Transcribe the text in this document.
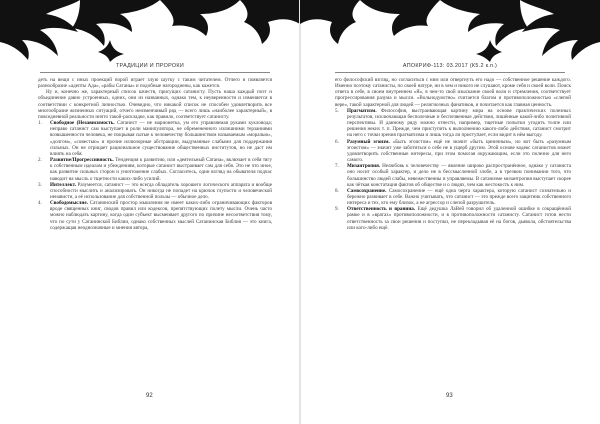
ТРАДИЦИИ И ПРОРОКИ

деть на вещи с иных проекций порой играет злую шутку с таким читателем. Отчего и появляется разнообразие «адепты Ада», «рабы Сатаны» и подобные нагородиены, как кажется.

Ну и, конечно же, характерный список качеств, присущих сатанисту. Пусть наша каждый поэт и объединение давно устроенных, одних, они из названных, однако тем, к неуверенности и изменяется в соответствии с конкретной личностью. Очевидно, что никакой список не способен удовлетворить все многообразие жизненных ситуаций, отчего неизменчивый ряд — всего лишь «наиболее характерный», в повседневной реальности ничто такой-раскладке, как правило, соответствует сатанисту.

1. Свободное (Независимость. Сатанист — не марионетка, ум его управляемая руками кукловода; неправо сатанист сам выступает в роли манипулятора, не обремененного излишними терзаниями возвышенности человека, не покрывая сытые к человечеству большинством называемым «моралью», «долгом», «совестью» и прочие иллюзорные абстракции, выдуманные слабыми для поддержания сильных. Он не отрицает рациональное существование общественных институтов, но не даст им влиять на себя.

2. Развитие/Прогрессивность. Тенденция к развитию, или «деятельный Сатана», включает в себя тягу к собственным идеалам и убеждениям, которые сатанист выстраивает сам для себя. Это не что иное, как развитие сильных сторон и уничтожение слабых. Согласитесь, один взгляд на обывателя подчас наводит на мысль о тщетности каких-либо усилий.

3. Интеллект. Разумеется, сатанист — это всегда обладатель хорошего логического аппарата и вообще способности мыслить и анализировать. Он никогда не попадет на крючок глупости и человеческой ненависти, а её использование для собственной пользы — обычное дело.

4. Свободомыслие. Сатанинский простор мышления не имеет каких-либо ограничивающих факторов вроде священных книг, сводов правил или кодексов, препятствующих полету мысли. Очень часто можно наблюдать картину, когда один субъект высмеивает другого по причине несоответствия тому, что по сути у Сатанинской Библии, однако собственных мыслей Сатанинская Библия — это книга, содержащая неоднозначные и мнения автора,

92
АПОКРИФ-113: 03.2017 (К5.2 к.п.)

его философский взгляд, но согласиться с ним или отвергнуть его надо — собственное решение каждого. Именно поэтому сатанисты, по своей натуре, ни в чем и никого не слушают, кроме себя и своей воли. Поиск ответа в себе, в своем внутреннем «Я», в чем-то свой изыскание своей воли и стремления, соответствует прогрессирования разума и мысли. «Вольнодумство» считается благом и противоположностью «слепой вере», такой характерной для людей — религиозных фанатиков, и почитается как главная ценность.

5. Прагматизм. Философия, выстраивающая картину мира на основе практических полезных результатов, исключающая бесполезные и беспочвенные действия, лишённые какой-либо позитивной перспективы. И данному ряду можно отнести, например, тщетные попытки угодить толпе или решения неких т. п. Прежде, чем приступить к выполнению какого-либо действия, сатанист смотрит на него с точки зрения прагматизма и лишь тогда ли приступает, если видит в нём выгоду.

6. Разумный эгоизм. «Быть эгоистом» ещё не значит «быть циничным», но вот быть «разумным эгоистом» — значит уже заботиться о себе не в ущерб другим. Этой основе кодекс сатанистов может удовлетворить собственные интересы, при этом помогая окружающим, если это полезно для него самого.

7. Мизантропия. Нелюбовь к человечеству — явление широко распространённое, однако у сатаниста оно носит особый характер, и дело не в бессмысленной злобе, а в трезвом понимании того, что большинство людей слабы, невежественны и управляемы. В сатанизме мизантропия выступает скорее как чёткая констатация фактов об обществе и о людях, чем как жестокость к ним.

8. Самосохранение. Самосохранение — ещё одна черта характера, которую сатанист сознательно и бережно развивает в себе. Важно учитывать, что сатанист — это прежде всего защитник собственного интереса и тех, кто ему близок, а не агрессор и слепой разрушитель.

9. Ответственность и вранина. Ещё дедушка ЛаВей говорил об удаленной ошибке в сокращённой рамке и в «вратах» противоположности, и в противоположности сатанисту. Сатанист готов нести ответственность за свои решения и поступки, не перекладывая её на богов, дьявола, обстоятельства или кого-либо ещё.

93
